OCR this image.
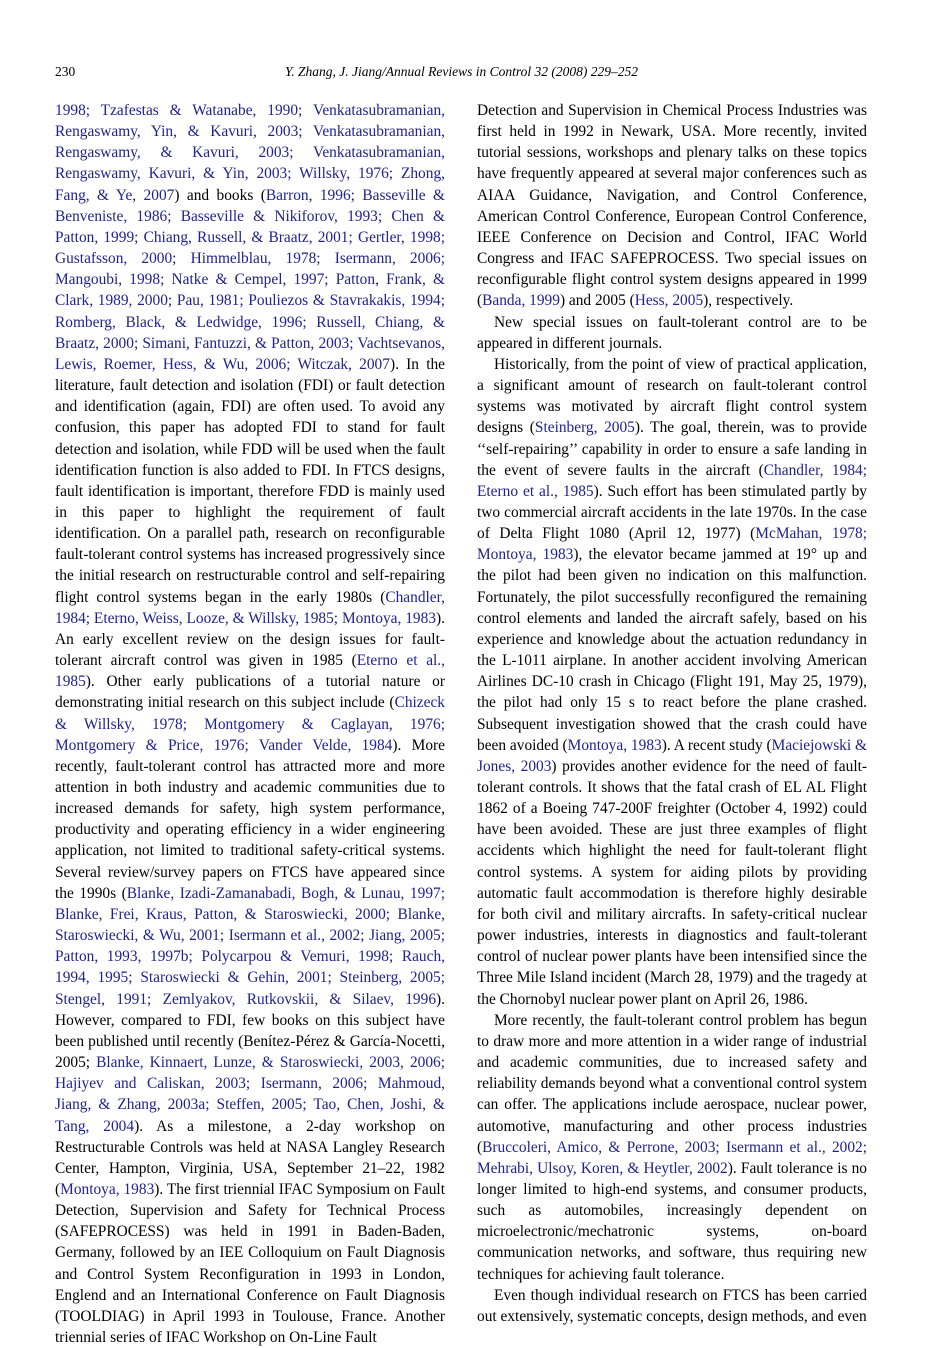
230	Y. Zhang, J. Jiang/Annual Reviews in Control 32 (2008) 229–252

1998; Tzafestas & Watanabe, 1990; Venkatasubramanian, Rengaswamy, Yin, & Kavuri, 2003; Venkatasubramanian, Rengaswamy, & Kavuri, 2003; Venkatasubramanian, Rengaswamy, Kavuri, & Yin, 2003; Willsky, 1976; Zhong, Fang, & Ye, 2007) and books (Barron, 1996; Basseville & Benveniste, 1986; Basseville & Nikiforov, 1993; Chen & Patton, 1999; Chiang, Russell, & Braatz, 2001; Gertler, 1998; Gustafsson, 2000; Himmelblau, 1978; Isermann, 2006; Mangoubi, 1998; Natke & Cempel, 1997; Patton, Frank, & Clark, 1989, 2000; Pau, 1981; Pouliezos & Stavrakakis, 1994; Romberg, Black, & Ledwidge, 1996; Russell, Chiang, & Braatz, 2000; Simani, Fantuzzi, & Patton, 2003; Vachtsevanos, Lewis, Roemer, Hess, & Wu, 2006; Witczak, 2007). In the literature, fault detection and isolation (FDI) or fault detection and identification (again, FDI) are often used. To avoid any confusion, this paper has adopted FDI to stand for fault detection and isolation, while FDD will be used when the fault identification function is also added to FDI. In FTCS designs, fault identification is important, therefore FDD is mainly used in this paper to highlight the requirement of fault identification. On a parallel path, research on reconfigurable fault-tolerant control systems has increased progressively since the initial research on restructurable control and self-repairing flight control systems began in the early 1980s (Chandler, 1984; Eterno, Weiss, Looze, & Willsky, 1985; Montoya, 1983). An early excellent review on the design issues for fault-tolerant aircraft control was given in 1985 (Eterno et al., 1985). Other early publications of a tutorial nature or demonstrating initial research on this subject include (Chizeck & Willsky, 1978; Montgomery & Caglayan, 1976; Montgomery & Price, 1976; Vander Velde, 1984). More recently, fault-tolerant control has attracted more and more attention in both industry and academic communities due to increased demands for safety, high system performance, productivity and operating efficiency in a wider engineering application, not limited to traditional safety-critical systems. Several review/survey papers on FTCS have appeared since the 1990s (Blanke, Izadi-Zamanabadi, Bogh, & Lunau, 1997; Blanke, Frei, Kraus, Patton, & Staroswiecki, 2000; Blanke, Staroswiecki, & Wu, 2001; Isermann et al., 2002; Jiang, 2005; Patton, 1993, 1997b; Polycarpou & Vemuri, 1998; Rauch, 1994, 1995; Staroswiecki & Gehin, 2001; Steinberg, 2005; Stengel, 1991; Zemlyakov, Rutkovskii, & Silaev, 1996). However, compared to FDI, few books on this subject have been published until recently (Benítez-Pérez & García-Nocetti, 2005; Blanke, Kinnaert, Lunze, & Staroswiecki, 2003, 2006; Hajiyev and Caliskan, 2003; Isermann, 2006; Mahmoud, Jiang, & Zhang, 2003a; Steffen, 2005; Tao, Chen, Joshi, & Tang, 2004). As a milestone, a 2-day workshop on Restructurable Controls was held at NASA Langley Research Center, Hampton, Virginia, USA, September 21–22, 1982 (Montoya, 1983). The first triennial IFAC Symposium on Fault Detection, Supervision and Safety for Technical Process (SAFEPROCESS) was held in 1991 in Baden-Baden, Germany, followed by an IEE Colloquium on Fault Diagnosis and Control System Reconfiguration in 1993 in London, Englend and an International Conference on Fault Diagnosis (TOOLDIAG) in April 1993 in Toulouse, France. Another triennial series of IFAC Workshop on On-Line Fault

Detection and Supervision in Chemical Process Industries was first held in 1992 in Newark, USA. More recently, invited tutorial sessions, workshops and plenary talks on these topics have frequently appeared at several major conferences such as AIAA Guidance, Navigation, and Control Conference, American Control Conference, European Control Conference, IEEE Conference on Decision and Control, IFAC World Congress and IFAC SAFEPROCESS. Two special issues on reconfigurable flight control system designs appeared in 1999 (Banda, 1999) and 2005 (Hess, 2005), respectively.

New special issues on fault-tolerant control are to be appeared in different journals.

Historically, from the point of view of practical application, a significant amount of research on fault-tolerant control systems was motivated by aircraft flight control system designs (Steinberg, 2005). The goal, therein, was to provide ‘‘self-repairing’’ capability in order to ensure a safe landing in the event of severe faults in the aircraft (Chandler, 1984; Eterno et al., 1985). Such effort has been stimulated partly by two commercial aircraft accidents in the late 1970s. In the case of Delta Flight 1080 (April 12, 1977) (McMahan, 1978; Montoya, 1983), the elevator became jammed at 19° up and the pilot had been given no indication on this malfunction. Fortunately, the pilot successfully reconfigured the remaining control elements and landed the aircraft safely, based on his experience and knowledge about the actuation redundancy in the L-1011 airplane. In another accident involving American Airlines DC-10 crash in Chicago (Flight 191, May 25, 1979), the pilot had only 15 s to react before the plane crashed. Subsequent investigation showed that the crash could have been avoided (Montoya, 1983). A recent study (Maciejowski & Jones, 2003) provides another evidence for the need of fault-tolerant controls. It shows that the fatal crash of EL AL Flight 1862 of a Boeing 747-200F freighter (October 4, 1992) could have been avoided. These are just three examples of flight accidents which highlight the need for fault-tolerant flight control systems. A system for aiding pilots by providing automatic fault accommodation is therefore highly desirable for both civil and military aircrafts. In safety-critical nuclear power industries, interests in diagnostics and fault-tolerant control of nuclear power plants have been intensified since the Three Mile Island incident (March 28, 1979) and the tragedy at the Chornobyl nuclear power plant on April 26, 1986.

More recently, the fault-tolerant control problem has begun to draw more and more attention in a wider range of industrial and academic communities, due to increased safety and reliability demands beyond what a conventional control system can offer. The applications include aerospace, nuclear power, automotive, manufacturing and other process industries (Bruccoleri, Amico, & Perrone, 2003; Isermann et al., 2002; Mehrabi, Ulsoy, Koren, & Heytler, 2002). Fault tolerance is no longer limited to high-end systems, and consumer products, such as automobiles, increasingly dependent on microelectronic/mechatronic systems, on-board communication networks, and software, thus requiring new techniques for achieving fault tolerance.

Even though individual research on FTCS has been carried out extensively, systematic concepts, design methods, and even
